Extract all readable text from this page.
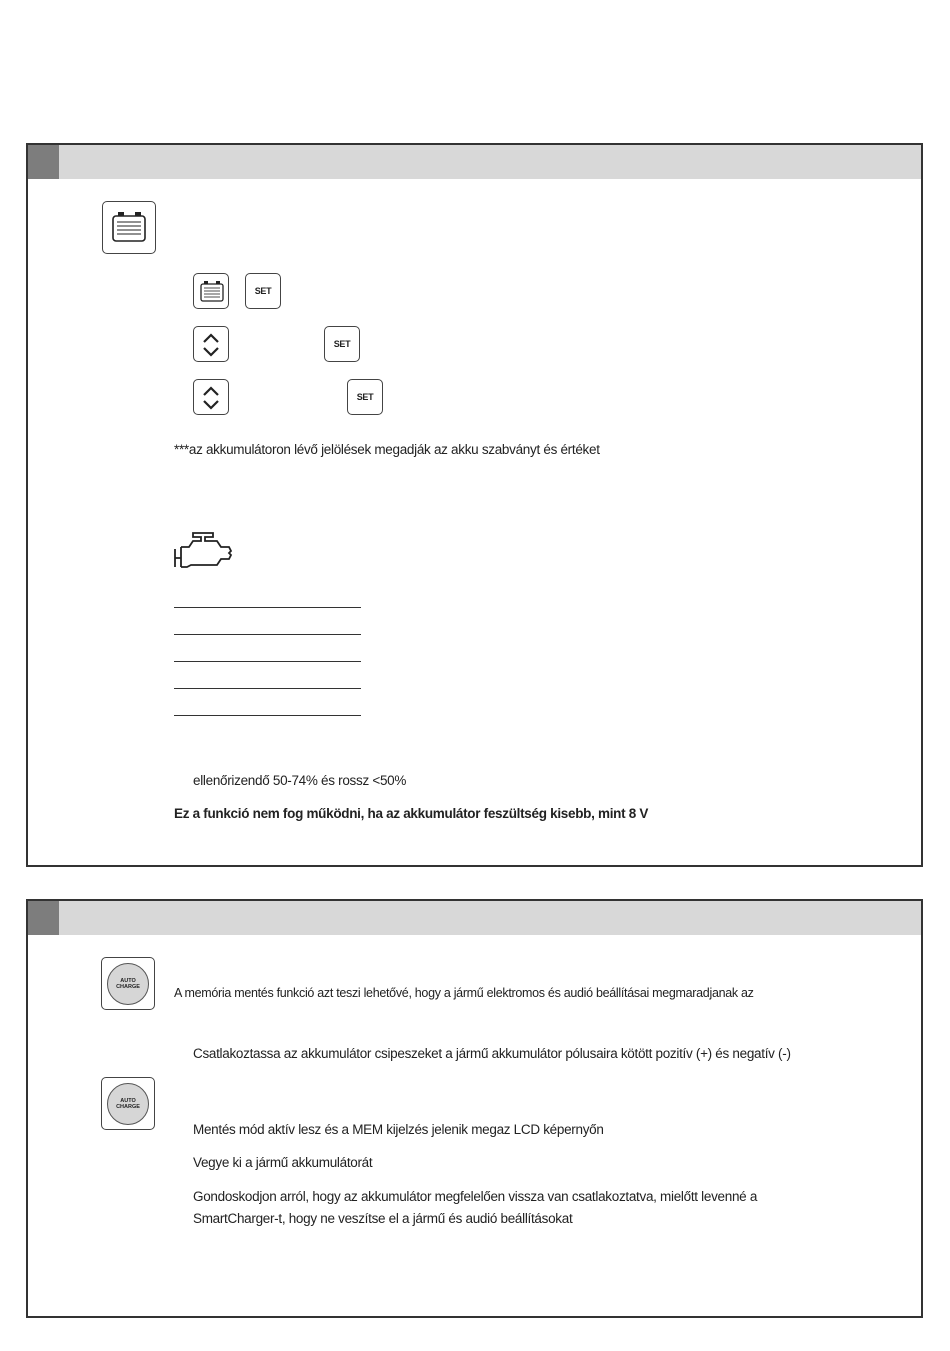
SET
SET
SET
***az akkumulátoron lévő jelölések megadják az akku szabványt és értéket
ellenőrizendő 50-74% és rossz <50%
Ez a funkció nem fog működni, ha az akkumulátor feszültség kisebb, mint 8 V
AUTO
CHARGE	A memória mentés funkció azt teszi lehetővé, hogy a jármű elektromos és audió beállításai megmaradjanak az
Csatlakoztassa az akkumulátor csipeszeket a jármű akkumulátor pólusaira kötött pozitív (+) és negatív (-)
AUTO
CHARGE
Mentés mód aktív lesz és a MEM kijelzés jelenik megaz LCD képernyőn
Vegye ki a jármű akkumulátorát
Gondoskodjon arról, hogy az akkumulátor megfelelően vissza van csatlakoztatva, mielőtt levenné a
SmartCharger-t, hogy ne veszítse el a jármű és audió beállításokat
